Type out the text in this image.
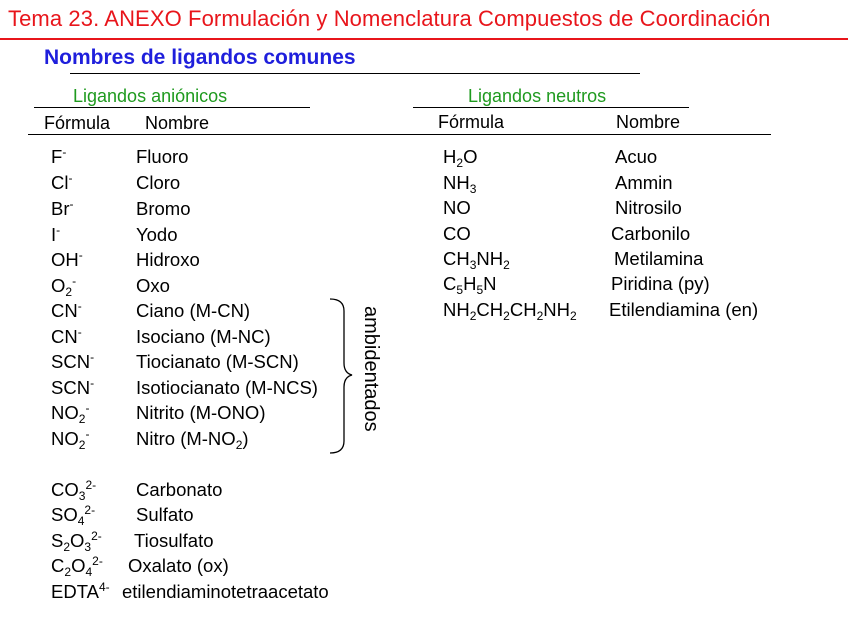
Tema 23. ANEXO Formulación y Nomenclatura Compuestos de Coordinación
Nombres de ligandos comunes
Ligandos aniónicos
Fórmula Nombre
Ligandos neutros
Fórmula	Nombre
ambidentados
F-	Fluoro
Cl-	Cloro
Br-	Bromo
I-	Yodo
OH-	Hidroxo
$O_2^-$	Oxo
CN-	Ciano (M-CN)
CN-	Isociano (M-NC)
SCN- Tiocianato (M-SCN)
SCN- Isotiocianato (M-NCS)
$NO_2^-$	Nitrito (M-ONO)
$NO_2^-$	Nitro $(M-NO_2)$
$CO_3^{2-}$ Carbonato
$SO_4^{2-}$ Sulfato
$S_2O_3^{2-}$ Tiosulfato
$C_2O_4^{2-}$ Oxalato (ox)
$EDTA^{4-}$ etilendiaminotetraacetato
$H_2O$	Acuo
$NH_3$	Ammin
NO	Nitrosilo
CO	Carbonilo
$CH_3NH_2$	Metilamina
$C_5H_5N$	Piridina (py)
$NH_2CH_2CH_2NH_2$ Etilendiamina (en)
